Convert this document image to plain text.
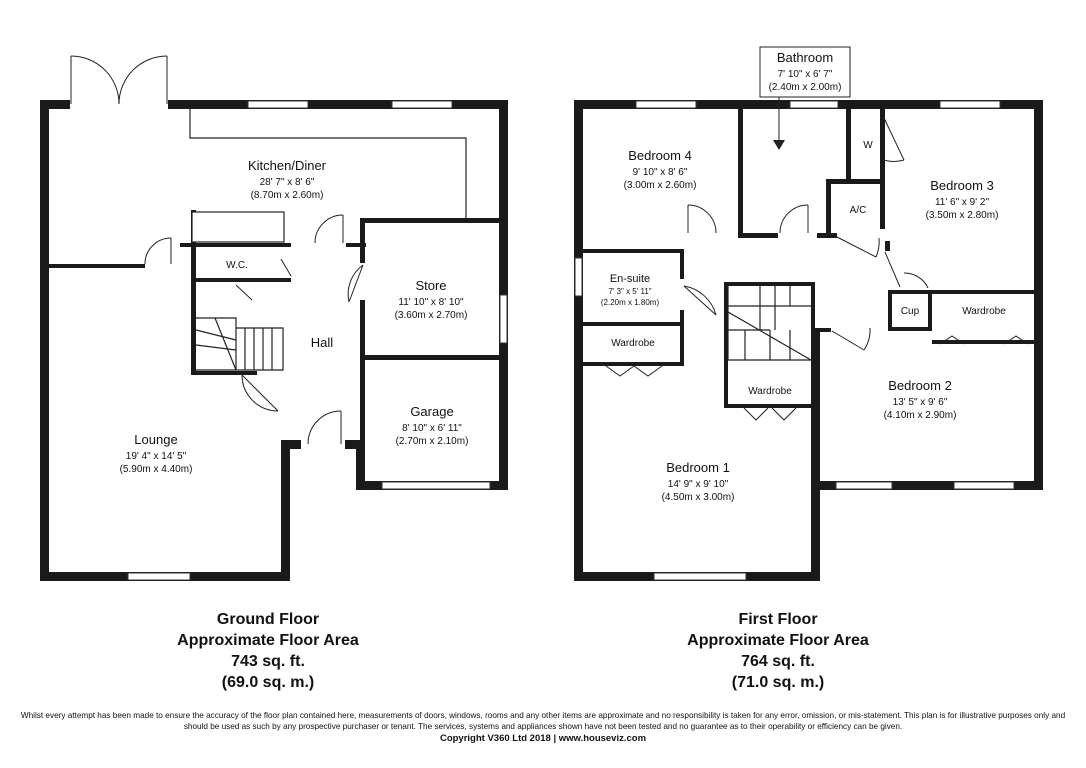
Kitchen/Diner
28' 7" x 8' 6"
(8.70m x 2.60m)
W.C.
Store
11' 10" x 8' 10"
(3.60m x 2.70m)
Hall
Garage
8' 10" x 6' 11"
(2.70m x 2.10m)
Lounge
19' 4" x 14' 5"
(5.90m x 4.40m)
Bathroom
7' 10" x 6' 7"
(2.40m x 2.00m)
Bedroom 4
9' 10" x 8' 6"
(3.00m x 2.60m)
W
A/C
Bedroom 3
11' 6" x 9' 2"
(3.50m x 2.80m)
En-suite
7' 3" x 5' 11"
(2.20m x 1.80m)
Cup	Wardrobe
Wardrobe
Wardrobe	Bedroom 2
13' 5" x 9' 6"
(4.10m x 2.90m)
Bedroom 1
14' 9" x 9' 10"
(4.50m x 3.00m)
Ground Floor
Approximate Floor Area
743 sq. ft.
(69.0 sq. m.)
First Floor
Approximate Floor Area
764 sq. ft.
(71.0 sq. m.)
Whilst every attempt has been made to ensure the accuracy of the floor plan contained here, measurements of doors, windows, rooms and any other items are approximate and no responsibility is taken for any error, omission, or mis-statement. This plan is for illustrative purposes only and should be used as such by any prospective purchaser or tenant. The services, systems and appliances shown have not been tested and no guarantee as to their operability or efficiency can be given.
Copyright V360 Ltd 2018 | www.houseviz.com
